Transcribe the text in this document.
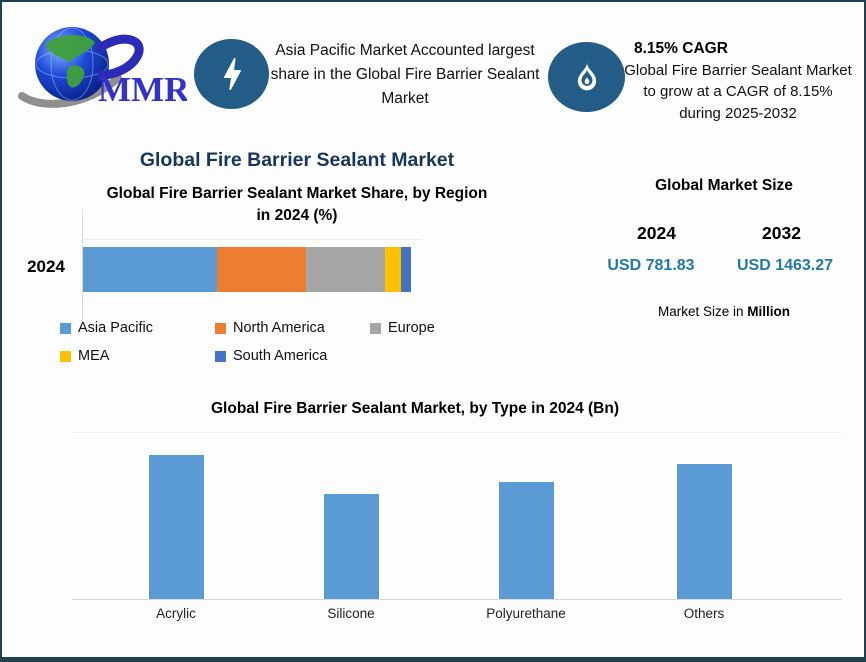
MMR
Asia Pacific Market Accounted largest share in the Global Fire Barrier Sealant Market
8.15% CAGR
Global Fire Barrier Sealant Market to grow at a CAGR of 8.15% during 2025-2032
Global Fire Barrier Sealant Market
Global Fire Barrier Sealant Market Share, by Region in 2024 (%)
2024
Asia Pacific	North America	Europe
MEA	South America
Global Market Size
2024	2032
USD 781.83	USD 1463.27
Market Size in Million
Global Fire Barrier Sealant Market, by Type in 2024 (Bn)
Acrylic	Silicone	Polyurethane	Others
